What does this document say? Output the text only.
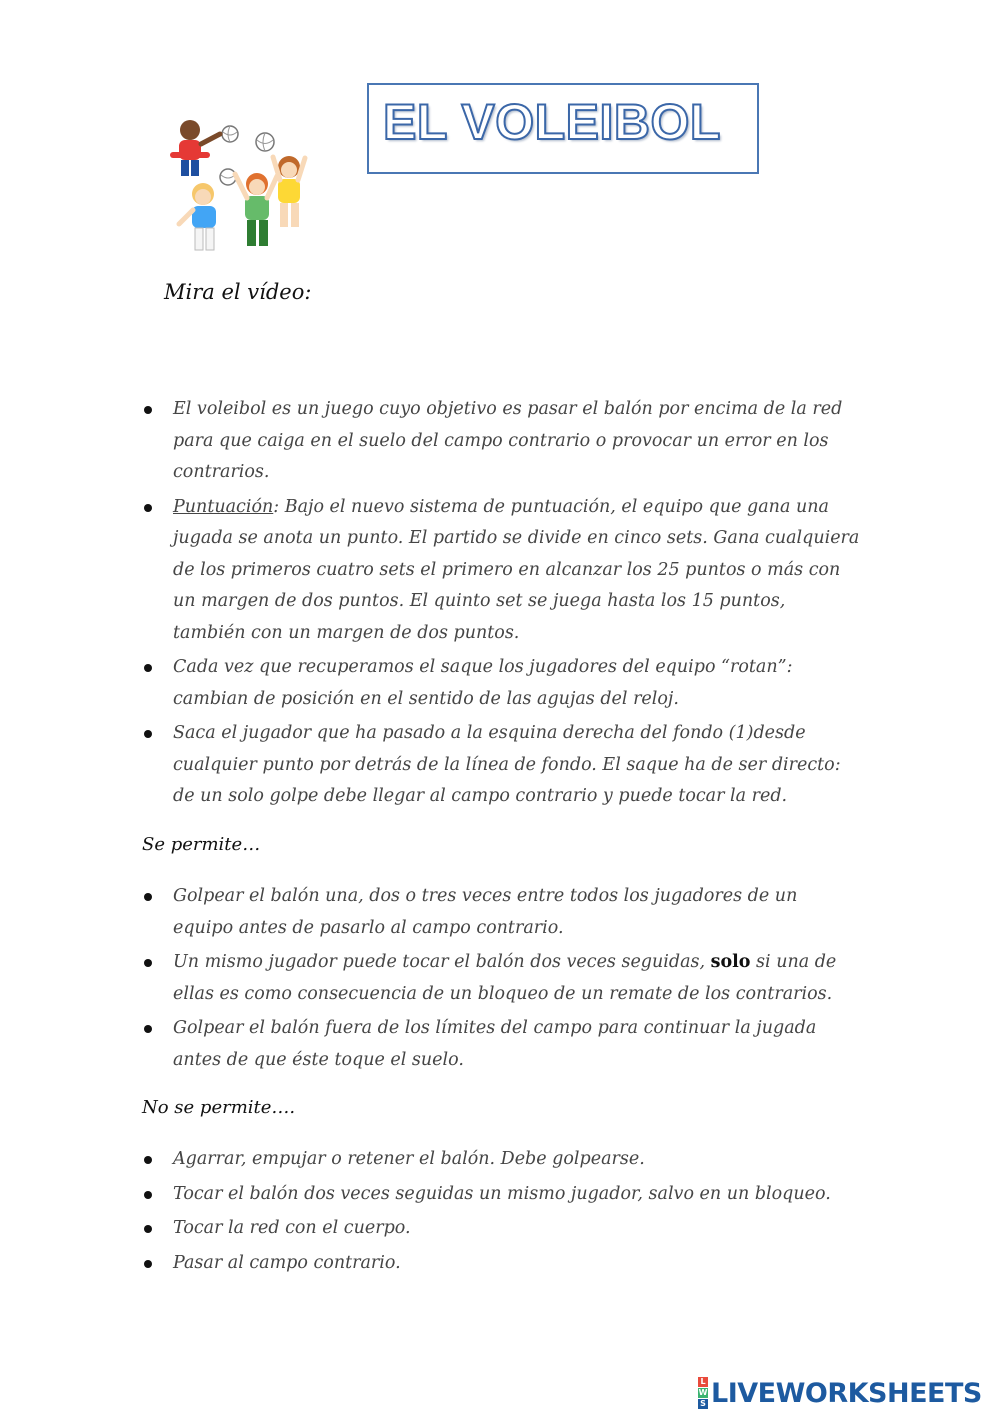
EL VOLEIBOL
Mira el vídeo:
El voleibol es un juego cuyo objetivo es pasar el balón por encima de la red para que caiga en el suelo del campo contrario o provocar un error en los contrarios.
Puntuación: Bajo el nuevo sistema de puntuación, el equipo que gana una jugada se anota un punto. El partido se divide en cinco sets. Gana cualquiera de los primeros cuatro sets el primero en alcanzar los 25 puntos o más con un margen de dos puntos. El quinto set se juega hasta los 15 puntos, también con un margen de dos puntos.
Cada vez que recuperamos el saque los jugadores del equipo “rotan”: cambian de posición en el sentido de las agujas del reloj.
Saca el jugador que ha pasado a la esquina derecha del fondo (1)desde cualquier punto por detrás de la línea de fondo. El saque ha de ser directo: de un solo golpe debe llegar al campo contrario y puede tocar la red.
Se permite…
Golpear el balón una, dos o tres veces entre todos los jugadores de un equipo antes de pasarlo al campo contrario.
Un mismo jugador puede tocar el balón dos veces seguidas, solo si una de ellas es como consecuencia de un bloqueo de un remate de los contrarios.
Golpear el balón fuera de los límites del campo para continuar la jugada antes de que éste toque el suelo.
No se permite….
Agarrar, empujar o retener el balón. Debe golpearse.
Tocar el balón dos veces seguidas un mismo jugador, salvo en un bloqueo.
Tocar la red con el cuerpo.
Pasar al campo contrario.
L
W
S LIVEWORKSHEETS
